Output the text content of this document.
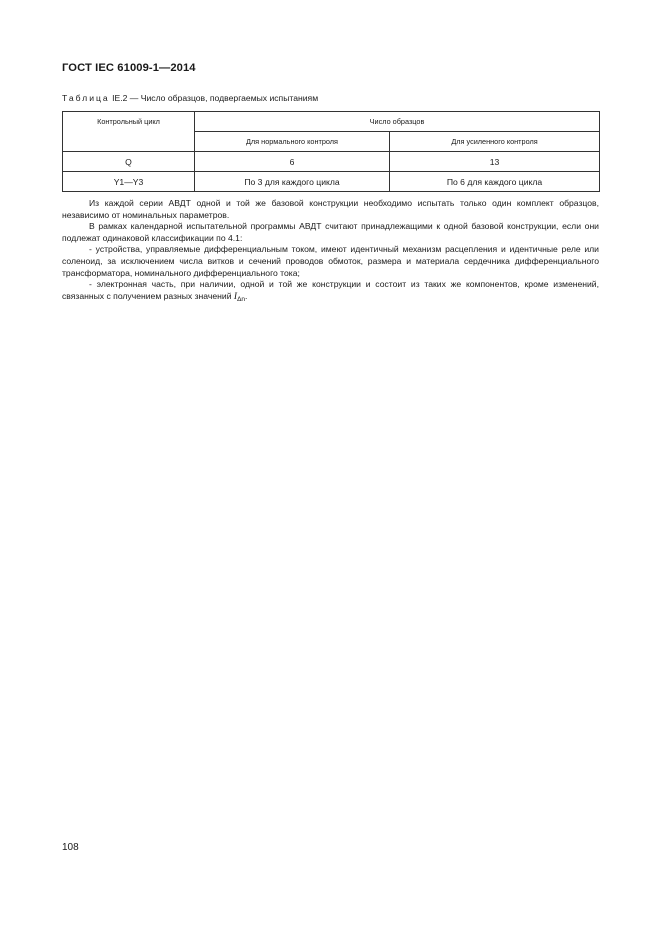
ГОСТ IEC 61009-1—2014
Таблица IE.2 — Число образцов, подвергаемых испытаниям
Контрольный цикл	Число образцов	
	Для нормального контроля	Для усиленного контроля
Q	6	13
Y1—Y3	По 3 для каждого цикла	По 6 для каждого цикла

Из каждой серии АВДТ одной и той же базовой конструкции необходимо испытать только один комплект образцов, независимо от номинальных параметров.

В рамках календарной испытательной программы АВДТ считают принадлежащими к одной базовой конструкции, если они подлежат одинаковой классификации по 4.1:

- устройства, управляемые дифференциальным током, имеют идентичный механизм расцепления и идентичные реле или соленоид, за исключением числа витков и сечений проводов обмоток, размера и материала сердечника дифференциального трансформатора, номинального дифференциального тока;

- электронная часть, при наличии, одной и той же конструкции и состоит из таких же компонентов, кроме изменений, связанных с получением разных значений $I_{\Delta n}$.

108
